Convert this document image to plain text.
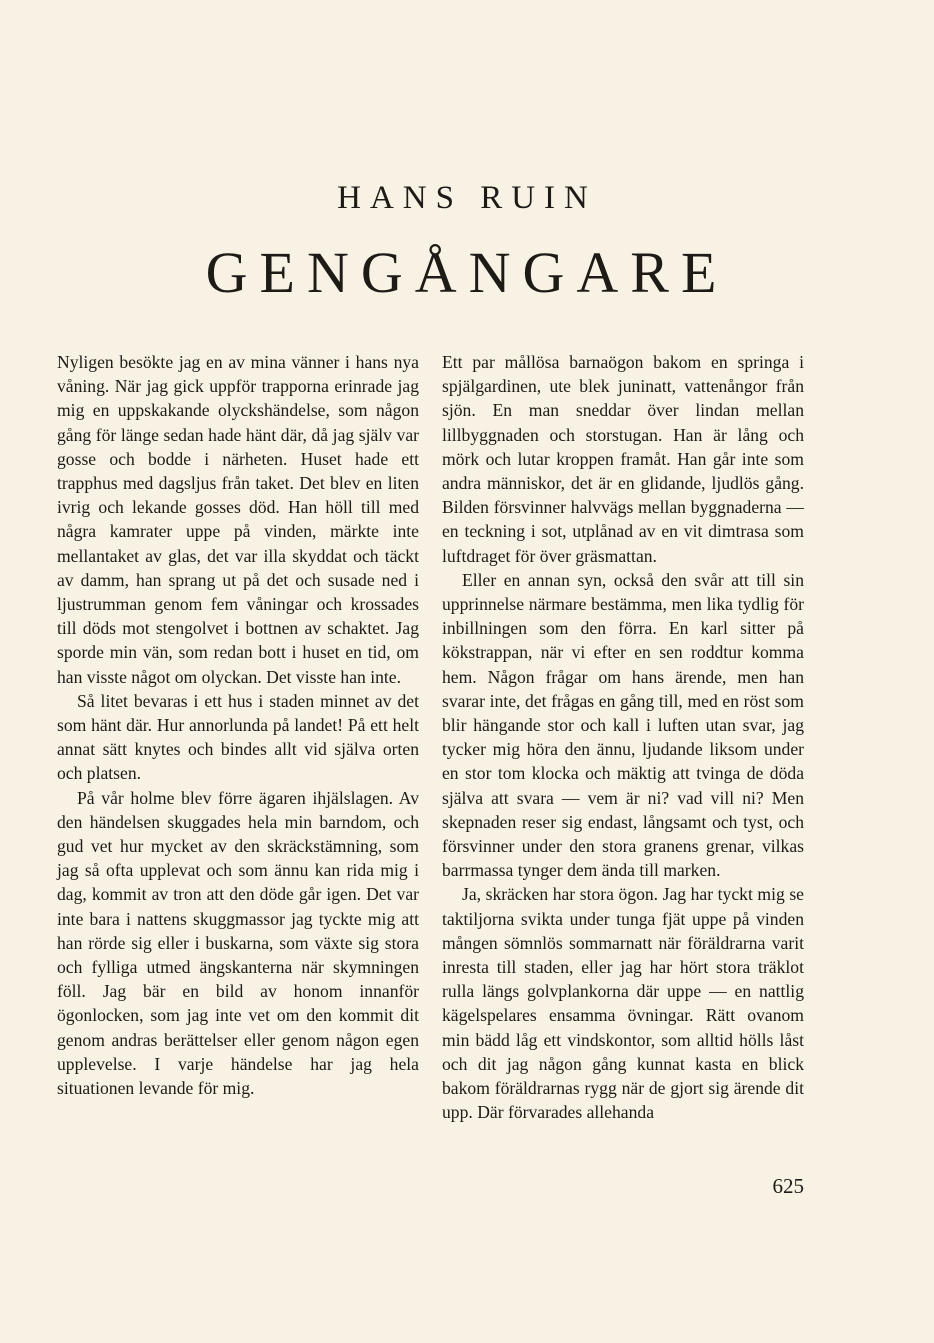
HANS RUIN
GENGÅNGARE

Nyligen besökte jag en av mina vänner i hans nya våning. När jag gick uppför trapporna erinrade jag mig en uppskakande olyckshändelse, som någon gång för länge sedan hade hänt där, då jag själv var gosse och bodde i närheten. Huset hade ett trapphus med dagsljus från taket. Det blev en liten ivrig och lekande gosses död. Han höll till med några kamrater uppe på vinden, märkte inte mellantaket av glas, det var illa skyddat och täckt av damm, han sprang ut på det och susade ned i ljustrumman genom fem våningar och krossades till döds mot stengolvet i bottnen av schaktet. Jag sporde min vän, som redan bott i huset en tid, om han visste något om olyckan. Det visste han inte.

Så litet bevaras i ett hus i staden minnet av det som hänt där. Hur annorlunda på landet! På ett helt annat sätt knytes och bindes allt vid själva orten och platsen.

På vår holme blev förre ägaren ihjälslagen. Av den händelsen skuggades hela min barndom, och gud vet hur mycket av den skräckstämning, som jag så ofta upplevat och som ännu kan rida mig i dag, kommit av tron att den döde går igen. Det var inte bara i nattens skuggmassor jag tyckte mig att han rörde sig eller i buskarna, som växte sig stora och fylliga utmed ängskanterna när skymningen föll. Jag bär en bild av honom innanför ögonlocken, som jag inte vet om den kommit dit genom andras berättelser eller genom någon egen upplevelse. I varje händelse har jag hela situationen levande för mig.

Ett par mållösa barnaögon bakom en springa i spjälgardinen, ute blek juninatt, vattenångor från sjön. En man sneddar över lindan mellan lillbyggnaden och storstugan. Han är lång och mörk och lutar kroppen framåt. Han går inte som andra människor, det är en glidande, ljudlös gång. Bilden försvinner halvvägs mellan byggnaderna — en teckning i sot, utplånad av en vit dimtrasa som luftdraget för över gräsmattan.

Eller en annan syn, också den svår att till sin upprinnelse närmare bestämma, men lika tydlig för inbillningen som den förra. En karl sitter på kökstrappan, när vi efter en sen roddtur komma hem. Någon frågar om hans ärende, men han svarar inte, det frågas en gång till, med en röst som blir hängande stor och kall i luften utan svar, jag tycker mig höra den ännu, ljudande liksom under en stor tom klocka och mäktig att tvinga de döda själva att svara — vem är ni? vad vill ni? Men skepnaden reser sig endast, långsamt och tyst, och försvinner under den stora granens grenar, vilkas barrmassa tynger dem ända till marken.

Ja, skräcken har stora ögon. Jag har tyckt mig se taktiljorna svikta under tunga fjät uppe på vinden mången sömnlös sommarnatt när föräldrarna varit inresta till staden, eller jag har hört stora träklot rulla längs golvplankorna där uppe — en nattlig kägelspelares ensamma övningar. Rätt ovanom min bädd låg ett vindskontor, som alltid hölls låst och dit jag någon gång kunnat kasta en blick bakom föräldrarnas rygg när de gjort sig ärende dit upp. Där förvarades allehanda

625
